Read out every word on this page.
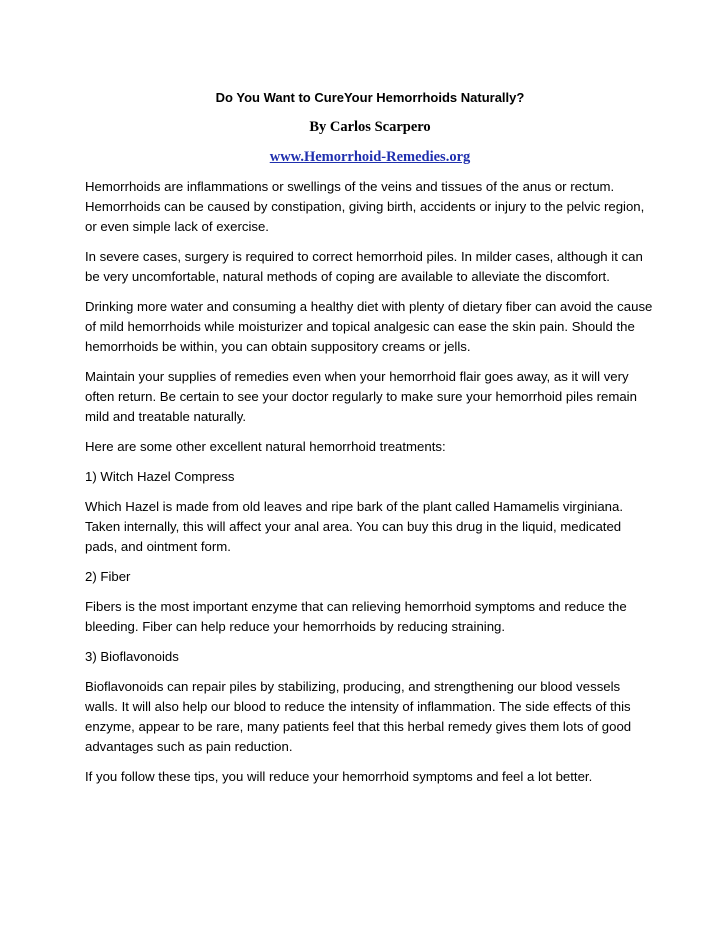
Do You Want to CureYour Hemorrhoids Naturally?
By Carlos Scarpero
www.Hemorrhoid-Remedies.org

Hemorrhoids are inflammations or swellings of the veins and tissues of the anus or rectum. Hemorrhoids can be caused by constipation, giving birth, accidents or injury to the pelvic region, or even simple lack of exercise.

In severe cases, surgery is required to correct hemorrhoid piles. In milder cases, although it can be very uncomfortable, natural methods of coping are available to alleviate the discomfort.

Drinking more water and consuming a healthy diet with plenty of dietary fiber can avoid the cause of mild hemorrhoids while moisturizer and topical analgesic can ease the skin pain. Should the hemorrhoids be within, you can obtain suppository creams or jells.

Maintain your supplies of remedies even when your hemorrhoid flair goes away, as it will very often return. Be certain to see your doctor regularly to make sure your hemorrhoid piles remain mild and treatable naturally.

Here are some other excellent natural hemorrhoid treatments:

1) Witch Hazel Compress

Which Hazel is made from old leaves and ripe bark of the plant called Hamamelis virginiana. Taken internally, this will affect your anal area. You can buy this drug in the liquid, medicated pads, and ointment form.

2) Fiber

Fibers is the most important enzyme that can relieving hemorrhoid symptoms and reduce the bleeding. Fiber can help reduce your hemorrhoids by reducing straining.

3) Bioflavonoids

Bioflavonoids can repair piles by stabilizing, producing, and strengthening our blood vessels walls. It will also help our blood to reduce the intensity of inflammation. The side effects of this enzyme, appear to be rare, many patients feel that this herbal remedy gives them lots of good advantages such as pain reduction.

If you follow these tips, you will reduce your hemorrhoid symptoms and feel a lot better.
